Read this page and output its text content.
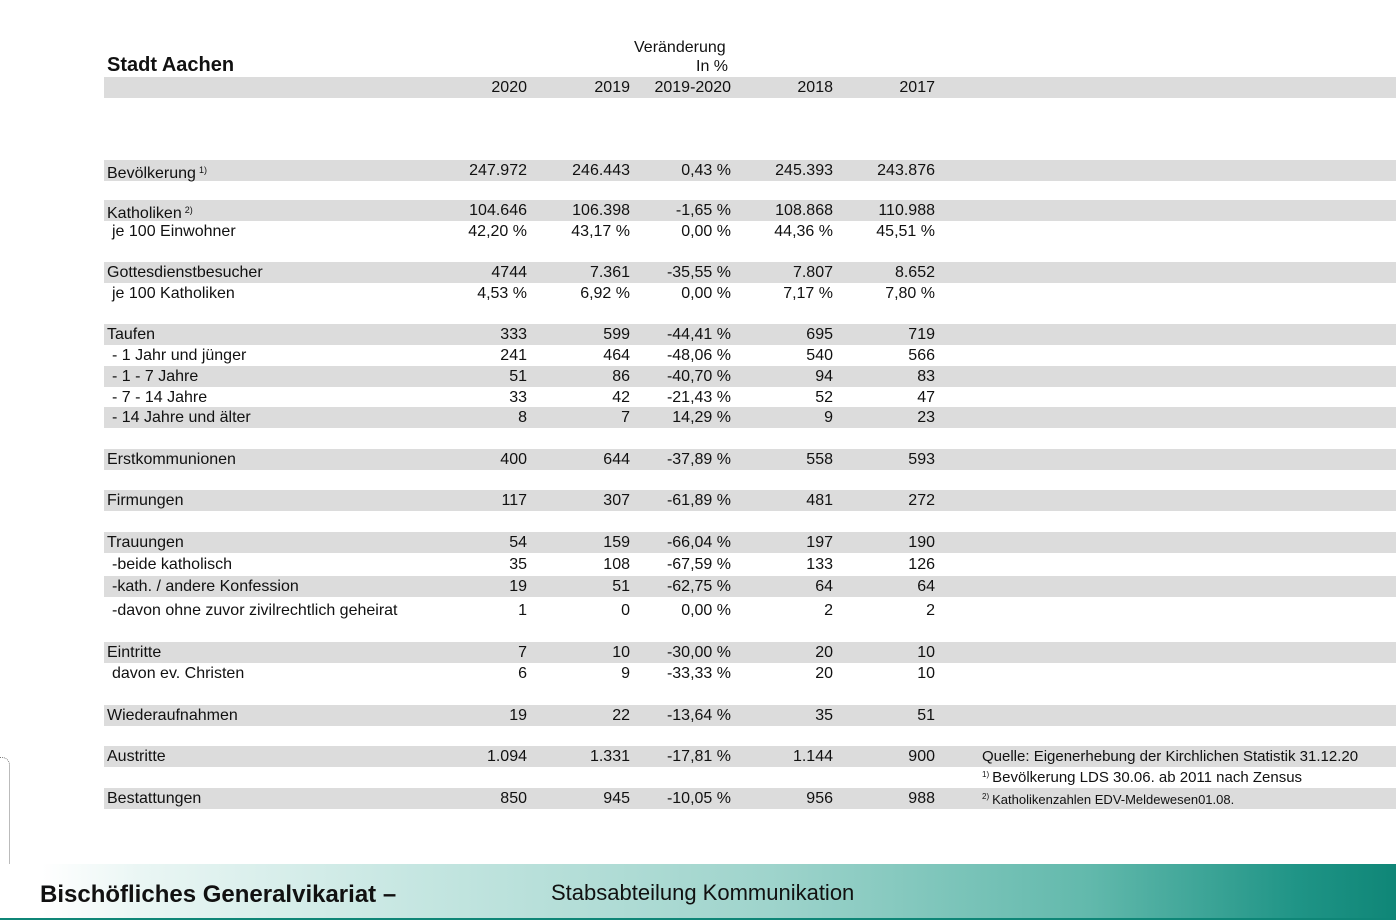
Stadt Aachen
Veränderung
In %
2020	2019	2019-2020	2018	2017
Bevölkerung $^{1)}$	247.972	246.443	0,43 %	245.393	243.876
Katholiken $^{2)}$	104.646	106.398	-1,65 %	108.868	110.988
je 100 Einwohner	42,20 %	43,17 %	0,00 %	44,36 %	45,51 %
Gottesdienstbesucher	4744	7.361	-35,55 %	7.807	8.652
je 100 Katholiken	4,53 %	6,92 %	0,00 %	7,17 %	7,80 %
Taufen	333	599	-44,41 %	695	719
- 1 Jahr und jünger	241	464	-48,06 %	540	566
- 1 - 7 Jahre	51	86	-40,70 %	94	83
- 7 - 14 Jahre	33	42	-21,43 %	52	47
- 14 Jahre und älter	8	7	14,29 %	9	23
Erstkommunionen	400	644	-37,89 %	558	593
Firmungen	117	307	-61,89 %	481	272
Trauungen	54	159	-66,04 %	197	190
-beide katholisch	35	108	-67,59 %	133	126
-kath. / andere Konfession	19	51	-62,75 %	64	64
-davon ohne zuvor zivilrechtlich geheirat	1	0	0,00 %	2	2
Eintritte	7	10	-30,00 %	20	10
davon ev. Christen	6	9	-33,33 %	20	10
Wiederaufnahmen	19	22	-13,64 %	35	51
Austritte	1.094	1.331	-17,81 %	1.144	900
Bestattungen	850	945	-10,05 %	956	988
Quelle: Eigenerhebung der Kirchlichen Statistik 31.12.20
$^{1)}$ Bevölkerung LDS 30.06. ab 2011 nach Zensus
$^{2)}$ Katholikenzahlen EDV-Meldewesen01.08.
Bischöfliches Generalvikariat –	Stabsabteilung Kommunikation
